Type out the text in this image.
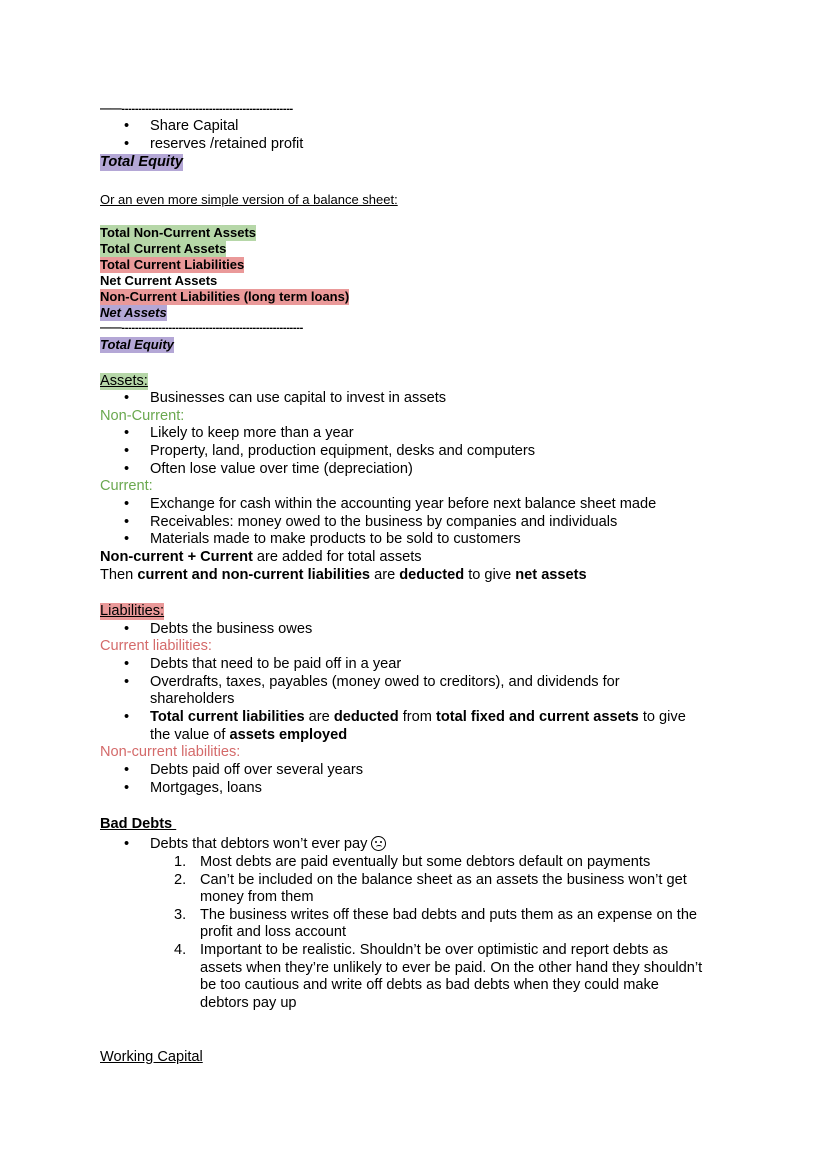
——---------------------------------------------------
Share Capital
reserves /retained profit
Total Equity
Or an even more simple version of a balance sheet:
Total Non-Current Assets
Total Current Assets
Total Current Liabilities
Net Current Assets
Non-Current Liabilities (long term loans)
Net Assets
——------------------------------------------------------
Total Equity
Assets:
Businesses can use capital to invest in assets
Non-Current:
Likely to keep more than a year
Property, land, production equipment, desks and computers
Often lose value over time (depreciation)
Current:
Exchange for cash within the accounting year before next balance sheet made
Receivables: money owed to the business by companies and individuals
Materials made to make products to be sold to customers
Non-current + Current are added for total assets
Then current and non-current liabilities are deducted to give net assets
Liabilities:
Debts the business owes
Current liabilities:
Debts that need to be paid off in a year
Overdrafts, taxes, payables (money owed to creditors), and dividends for
shareholders
Total current liabilities are deducted from total fixed and current assets to give
the value of assets employed
Non-current liabilities:
Debts paid off over several years
Mortgages, loans
Bad Debts
Debts that debtors won’t ever pay
1. Most debts are paid eventually but some debtors default on payments
2. Can’t be included on the balance sheet as an assets the business won’t get
money from them
3. The business writes off these bad debts and puts them as an expense on the
profit and loss account
4. Important to be realistic. Shouldn’t be over optimistic and report debts as
assets when they’re unlikely to ever be paid. On the other hand they shouldn’t
be too cautious and write off debts as bad debts when they could make
debtors pay up
Working Capital
